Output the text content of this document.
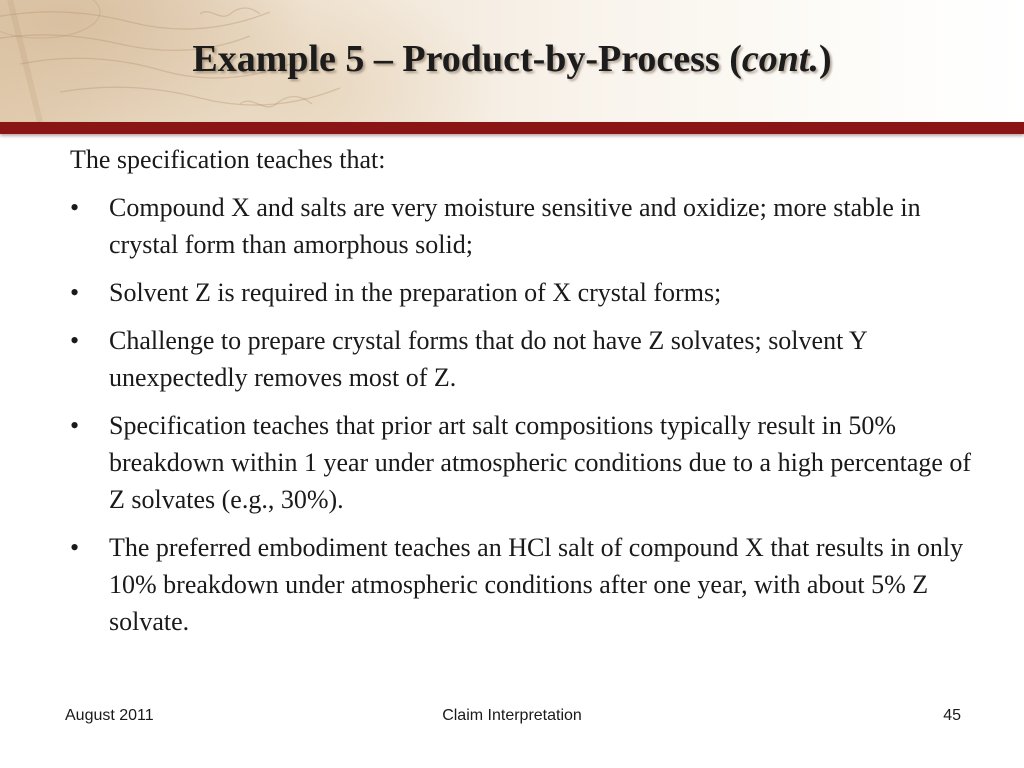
Example 5 – Product-by-Process (cont.)

The specification teaches that:

• Compound X and salts are very moisture sensitive and oxidize; more stable in crystal form than amorphous solid;
• Solvent Z is required in the preparation of X crystal forms;
• Challenge to prepare crystal forms that do not have Z solvates; solvent Y unexpectedly removes most of Z.
• Specification teaches that prior art salt compositions typically result in 50% breakdown within 1 year under atmospheric conditions due to a high percentage of Z solvates (e.g., 30%).
• The preferred embodiment teaches an HCl salt of compound X that results in only 10% breakdown under atmospheric conditions after one year, with about 5% Z solvate.
August 2011	Claim Interpretation	45
